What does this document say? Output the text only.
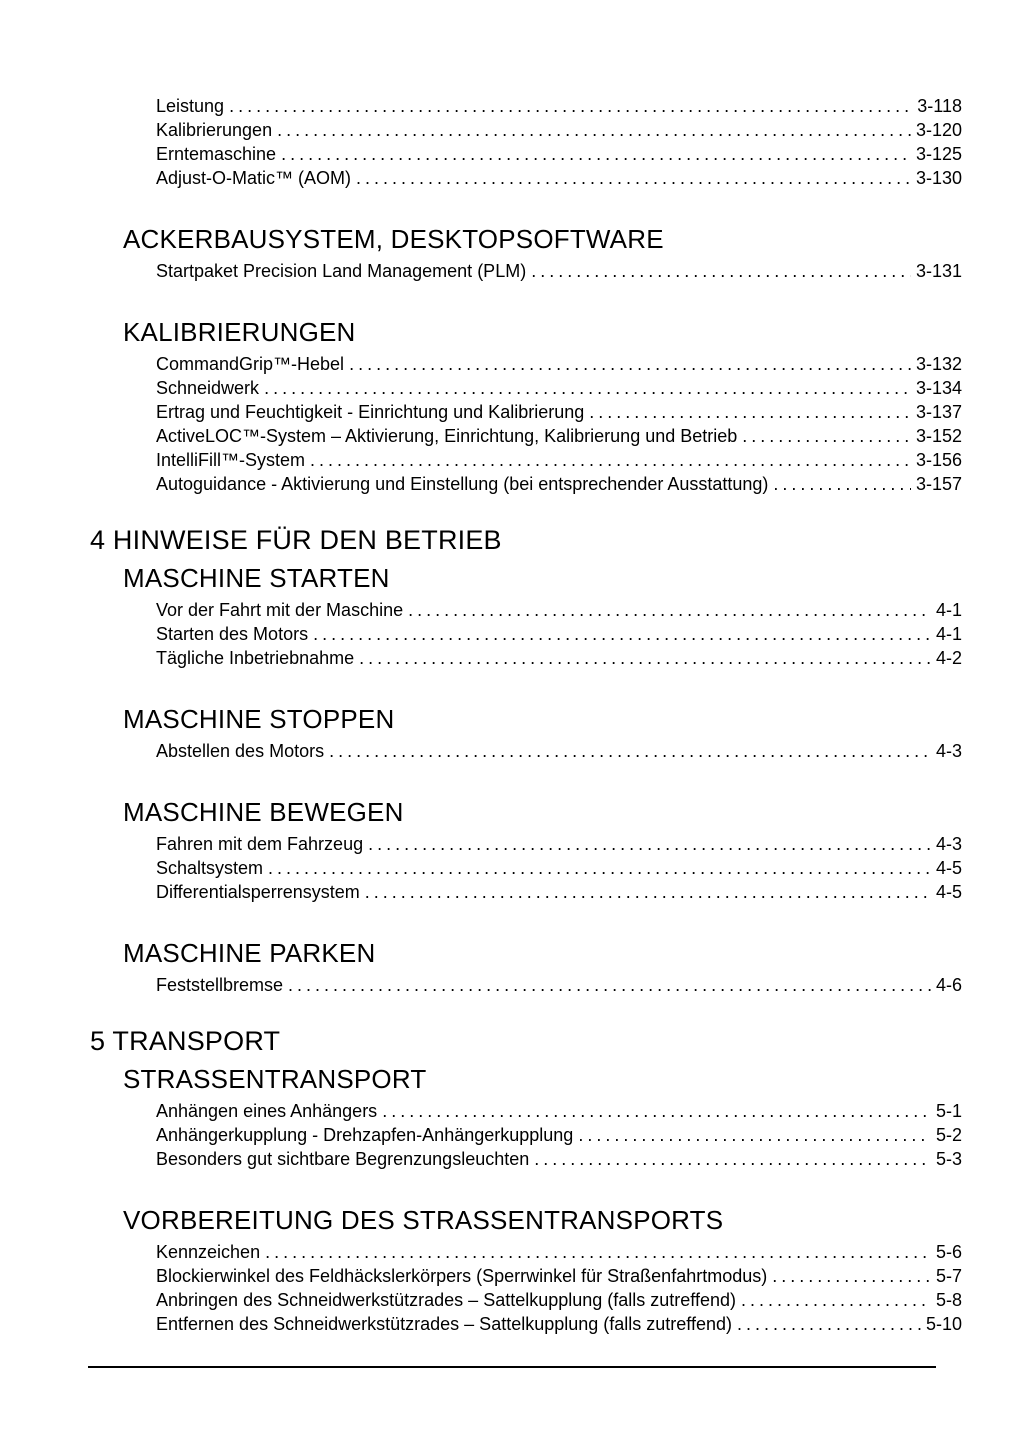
Leistung .....	3-118
Kalibrierungen .....	3-120
Erntemaschine .....	3-125
Adjust-O-Matic™ (AOM) .....	3-130
ACKERBAUSYSTEM, DESKTOPSOFTWARE
Startpaket Precision Land Management (PLM) .....	3-131
KALIBRIERUNGEN
CommandGrip™-Hebel .....	3-132
Schneidwerk .....	3-134
Ertrag und Feuchtigkeit - Einrichtung und Kalibrierung .....	3-137
ActiveLOC™-System – Aktivierung, Einrichtung, Kalibrierung und Betrieb .....	3-152
IntelliFill™-System .....	3-156
Autoguidance - Aktivierung und Einstellung (bei entsprechender Ausstattung) .....	3-157
4 HINWEISE FÜR DEN BETRIEB
MASCHINE STARTEN
Vor der Fahrt mit der Maschine .....	4-1
Starten des Motors .....	4-1
Tägliche Inbetriebnahme .....	4-2
MASCHINE STOPPEN
Abstellen des Motors .....	4-3
MASCHINE BEWEGEN
Fahren mit dem Fahrzeug .....	4-3
Schaltsystem .....	4-5
Differentialsperrensystem .....	4-5
MASCHINE PARKEN
Feststellbremse .....	4-6
5 TRANSPORT
STRASSENTRANSPORT
Anhängen eines Anhängers .....	5-1
Anhängerkupplung - Drehzapfen-Anhängerkupplung .....	5-2
Besonders gut sichtbare Begrenzungsleuchten .....	5-3
VORBEREITUNG DES STRASSENTRANSPORTS
Kennzeichen .....	5-6
Blockierwinkel des Feldhäckslerkörpers (Sperrwinkel für Straßenfahrtmodus) .....	5-7
Anbringen des Schneidwerkstützrades – Sattelkupplung (falls zutreffend) .....	5-8
Entfernen des Schneidwerkstützrades – Sattelkupplung (falls zutreffend) .....	5-10
